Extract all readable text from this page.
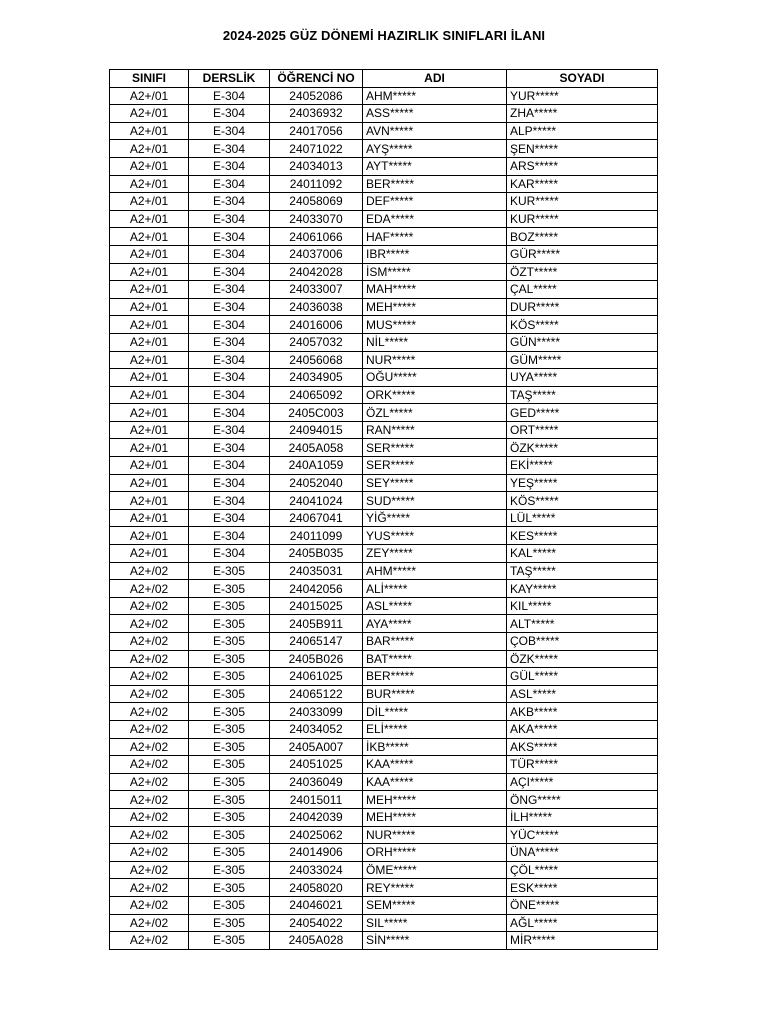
2024-2025 GÜZ DÖNEMİ HAZIRLIK SINIFLARI İLANI
SINIFI	DERSLİK	ÖĞRENCİ NO	ADI	SOYADI
A2+/01	E-304	24052086	AHM*****	YUR*****
A2+/01	E-304	24036932	ASS*****	ZHA*****
A2+/01	E-304	24017056	AVN*****	ALP*****
A2+/01	E-304	24071022	AYŞ*****	ŞEN*****
A2+/01	E-304	24034013	AYT*****	ARS*****
A2+/01	E-304	24011092	BER*****	KAR*****
A2+/01	E-304	24058069	DEF*****	KUR*****
A2+/01	E-304	24033070	EDA*****	KUR*****
A2+/01	E-304	24061066	HAF*****	BOZ*****
A2+/01	E-304	24037006	IBR*****	GÜR*****
A2+/01	E-304	24042028	İSM*****	ÖZT*****
A2+/01	E-304	24033007	MAH*****	ÇAL*****
A2+/01	E-304	24036038	MEH*****	DUR*****
A2+/01	E-304	24016006	MUS*****	KÖS*****
A2+/01	E-304	24057032	NİL*****	GÜN*****
A2+/01	E-304	24056068	NUR*****	GÜM*****
A2+/01	E-304	24034905	OĞU*****	UYA*****
A2+/01	E-304	24065092	ORK*****	TAŞ*****
A2+/01	E-304	2405C003	ÖZL*****	GED*****
A2+/01	E-304	24094015	RAN*****	ORT*****
A2+/01	E-304	2405A058	SER*****	ÖZK*****
A2+/01	E-304	240A1059	SER*****	EKİ*****
A2+/01	E-304	24052040	SEY*****	YEŞ*****
A2+/01	E-304	24041024	SUD*****	KÖS*****
A2+/01	E-304	24067041	YİĞ*****	LÜL*****
A2+/01	E-304	24011099	YUS*****	KES*****
A2+/01	E-304	2405B035	ZEY*****	KAL*****
A2+/02	E-305	24035031	AHM*****	TAŞ*****
A2+/02	E-305	24042056	ALİ*****	KAY*****
A2+/02	E-305	24015025	ASL*****	KIL*****
A2+/02	E-305	2405B911	AYA*****	ALT*****
A2+/02	E-305	24065147	BAR*****	ÇOB*****
A2+/02	E-305	2405B026	BAT*****	ÖZK*****
A2+/02	E-305	24061025	BER*****	GÜL*****
A2+/02	E-305	24065122	BUR*****	ASL*****
A2+/02	E-305	24033099	DİL*****	AKB*****
A2+/02	E-305	24034052	ELİ*****	AKA*****
A2+/02	E-305	2405A007	İKB*****	AKS*****
A2+/02	E-305	24051025	KAA*****	TÜR*****
A2+/02	E-305	24036049	KAA*****	AÇI*****
A2+/02	E-305	24015011	MEH*****	ÖNG*****
A2+/02	E-305	24042039	MEH*****	İLH*****
A2+/02	E-305	24025062	NUR*****	YÜC*****
A2+/02	E-305	24014906	ORH*****	ÜNA*****
A2+/02	E-305	24033024	ÖME*****	ÇÖL*****
A2+/02	E-305	24058020	REY*****	ESK*****
A2+/02	E-305	24046021	SEM*****	ÖNE*****
A2+/02	E-305	24054022	SIL*****	AĞL*****
A2+/02	E-305	2405A028	SİN*****	MİR*****
